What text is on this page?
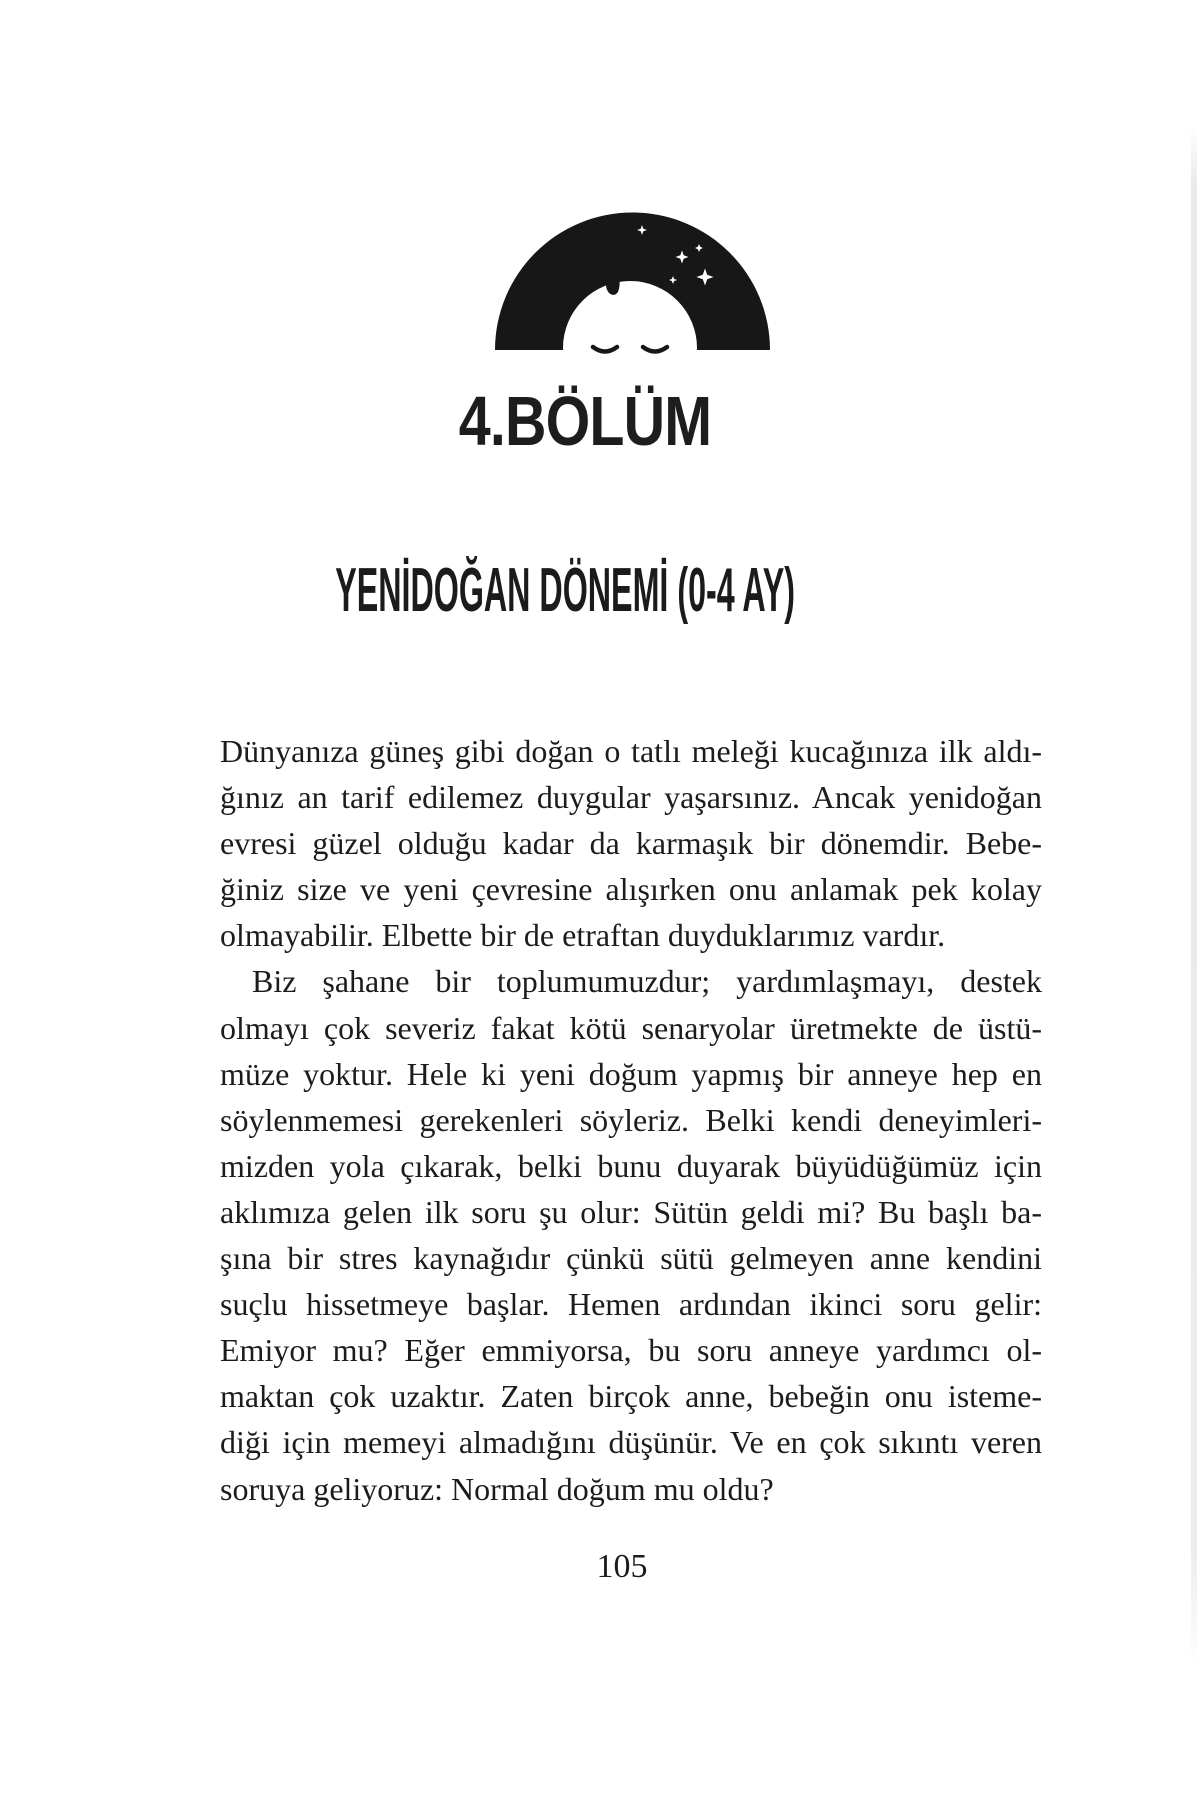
4.BÖLÜM
YENİDOĞAN DÖNEMİ (0-4 AY)
Dünyanıza güneş gibi doğan o tatlı meleği kucağınıza ilk aldı-
ğınız an tarif edilemez duygular yaşarsınız. Ancak yenidoğan
evresi güzel olduğu kadar da karmaşık bir dönemdir. Bebe-
ğiniz size ve yeni çevresine alışırken onu anlamak pek kolay
olmayabilir. Elbette bir de etraftan duyduklarımız vardır.
Biz şahane bir toplumumuzdur; yardımlaşmayı, destek
olmayı çok severiz fakat kötü senaryolar üretmekte de üstü-
müze yoktur. Hele ki yeni doğum yapmış bir anneye hep en
söylenmemesi gerekenleri söyleriz. Belki kendi deneyimleri-
mizden yola çıkarak, belki bunu duyarak büyüdüğümüz için
aklımıza gelen ilk soru şu olur: Sütün geldi mi? Bu başlı ba-
şına bir stres kaynağıdır çünkü sütü gelmeyen anne kendini
suçlu hissetmeye başlar. Hemen ardından ikinci soru gelir:
Emiyor mu? Eğer emmiyorsa, bu soru anneye yardımcı ol-
maktan çok uzaktır. Zaten birçok anne, bebeğin onu isteme-
diği için memeyi almadığını düşünür. Ve en çok sıkıntı veren
soruya geliyoruz: Normal doğum mu oldu?
105
